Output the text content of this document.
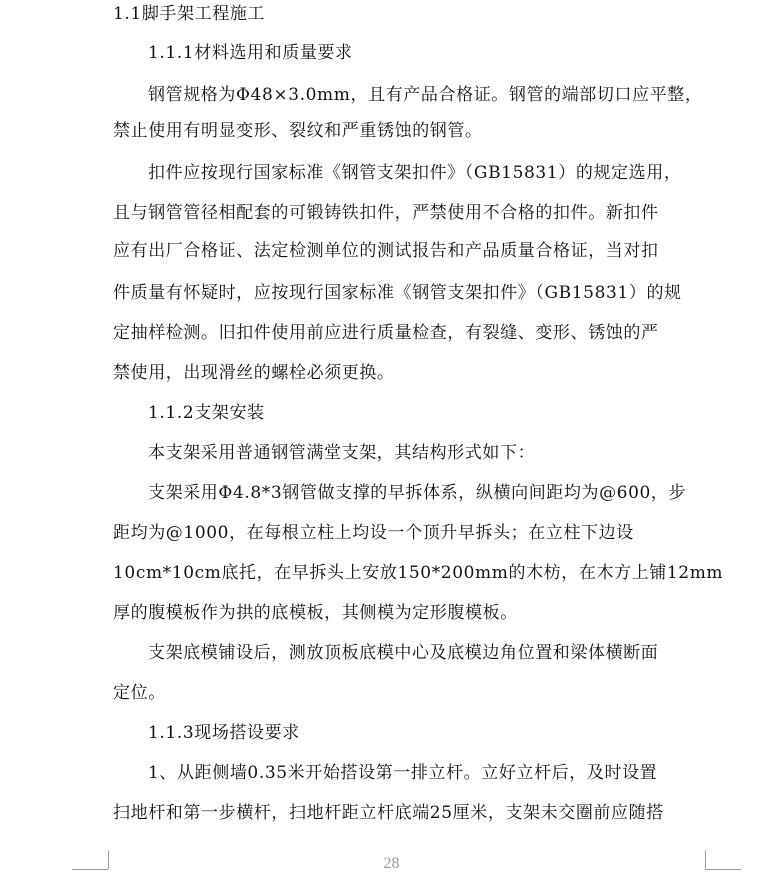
1.1脚手架工程施工
1.1.1材料选用和质量要求
钢管规格为Φ48×3.0mm，且有产品合格证。钢管的端部切口应平整，
禁止使用有明显变形、裂纹和严重锈蚀的钢管。
扣件应按现行国家标准《钢管支架扣件》（GB15831）的规定选用，
且与钢管管径相配套的可锻铸铁扣件，严禁使用不合格的扣件。新扣件
应有出厂合格证、法定检测单位的测试报告和产品质量合格证，当对扣
件质量有怀疑时，应按现行国家标准《钢管支架扣件》（GB15831）的规
定抽样检测。旧扣件使用前应进行质量检查，有裂缝、变形、锈蚀的严
禁使用，出现滑丝的螺栓必须更换。
1.1.2支架安装
本支架采用普通钢管满堂支架，其结构形式如下：
支架采用Φ4.8*3钢管做支撑的早拆体系，纵横向间距均为@600，步
距均为@1000，在每根立柱上均设一个顶升早拆头；在立柱下边设
10cm*10cm底托，在早拆头上安放150*200mm的木枋，在木方上铺12mm
厚的腹模板作为拱的底模板，其侧模为定形腹模板。
支架底模铺设后，测放顶板底模中心及底模边角位置和梁体横断面
定位。
1.1.3现场搭设要求
1、从距侧墙0.35米开始搭设第一排立杆。立好立杆后，及时设置
扫地杆和第一步横杆，扫地杆距立杆底端25厘米，支架未交圈前应随搭
28
